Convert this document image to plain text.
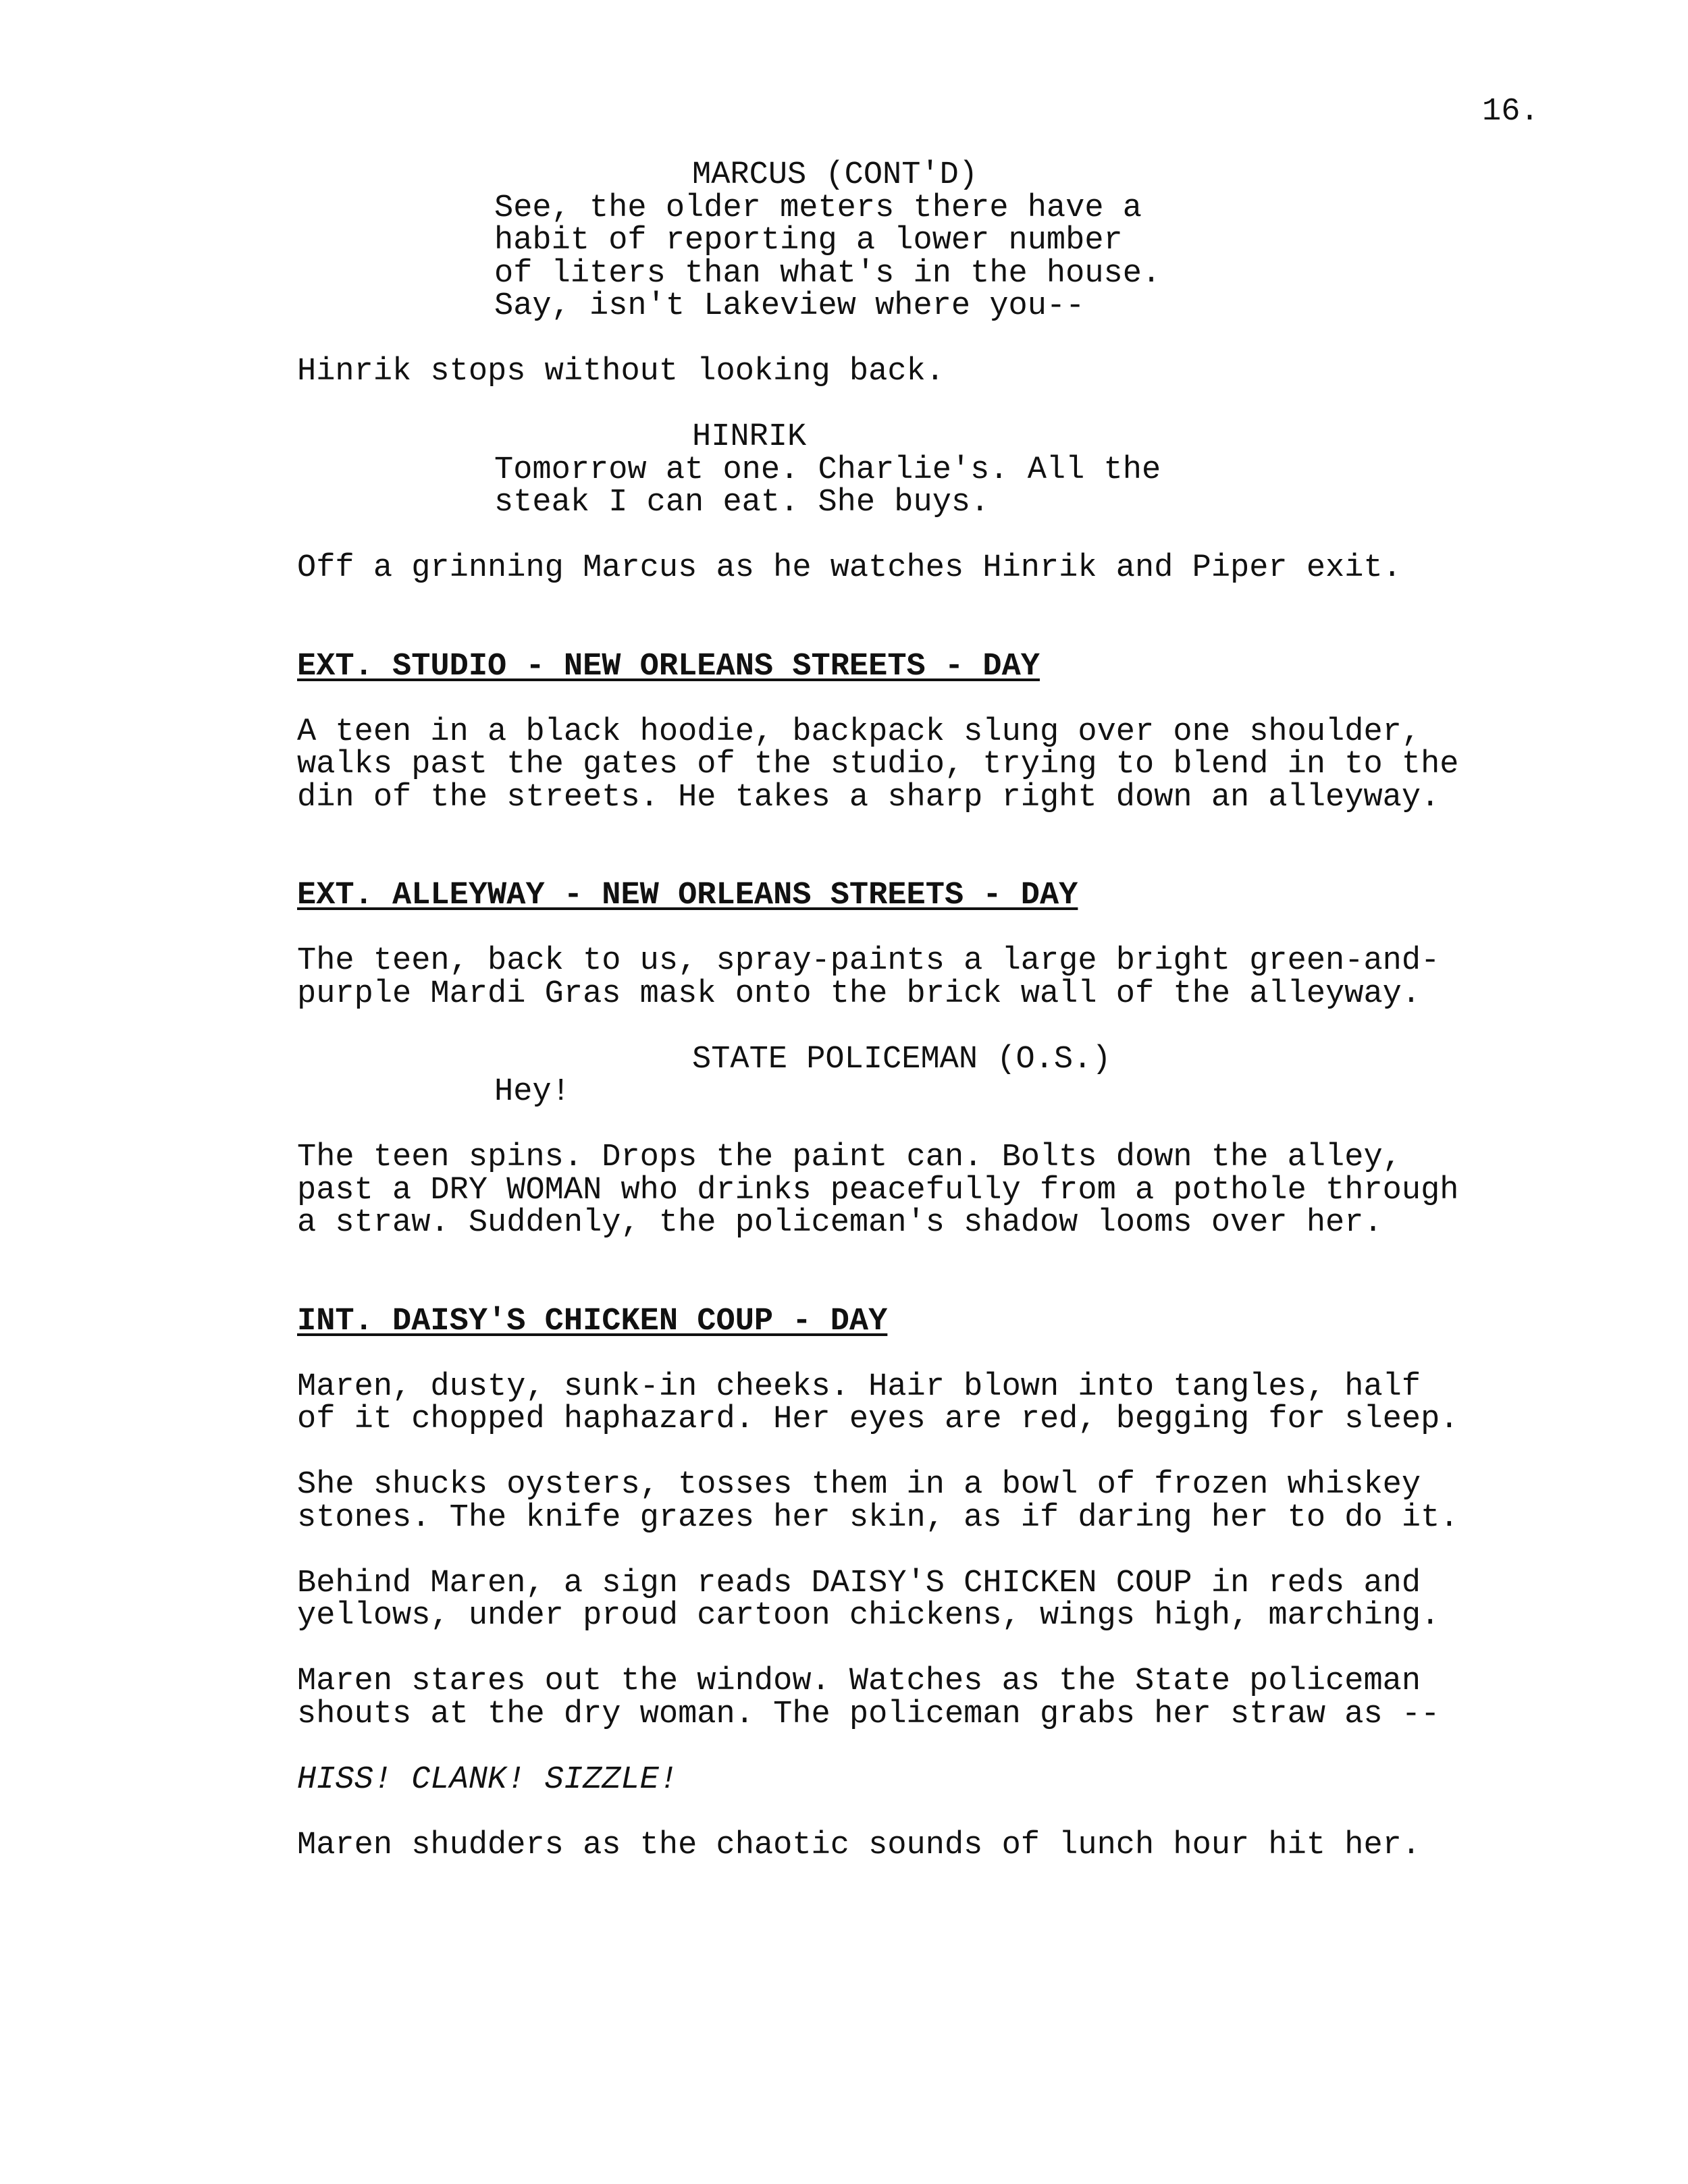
16.
MARCUS (CONT'D)
See, the older meters there have a
habit of reporting a lower number
of liters than what's in the house.
Say, isn't Lakeview where you--
Hinrik stops without looking back.
HINRIK
Tomorrow at one. Charlie's. All the
steak I can eat. She buys.
Off a grinning Marcus as he watches Hinrik and Piper exit.
EXT. STUDIO - NEW ORLEANS STREETS - DAY
A teen in a black hoodie, backpack slung over one shoulder,
walks past the gates of the studio, trying to blend in to the
din of the streets. He takes a sharp right down an alleyway.
EXT. ALLEYWAY - NEW ORLEANS STREETS - DAY
The teen, back to us, spray-paints a large bright green-and-
purple Mardi Gras mask onto the brick wall of the alleyway.
STATE POLICEMAN (O.S.)
Hey!
The teen spins. Drops the paint can. Bolts down the alley,
past a DRY WOMAN who drinks peacefully from a pothole through
a straw. Suddenly, the policeman's shadow looms over her.
INT. DAISY'S CHICKEN COUP - DAY
Maren, dusty, sunk-in cheeks. Hair blown into tangles, half
of it chopped haphazard. Her eyes are red, begging for sleep.
She shucks oysters, tosses them in a bowl of frozen whiskey
stones. The knife grazes her skin, as if daring her to do it.
Behind Maren, a sign reads DAISY'S CHICKEN COUP in reds and
yellows, under proud cartoon chickens, wings high, marching.
Maren stares out the window. Watches as the State policeman
shouts at the dry woman. The policeman grabs her straw as --
HISS! CLANK! SIZZLE!
Maren shudders as the chaotic sounds of lunch hour hit her.
